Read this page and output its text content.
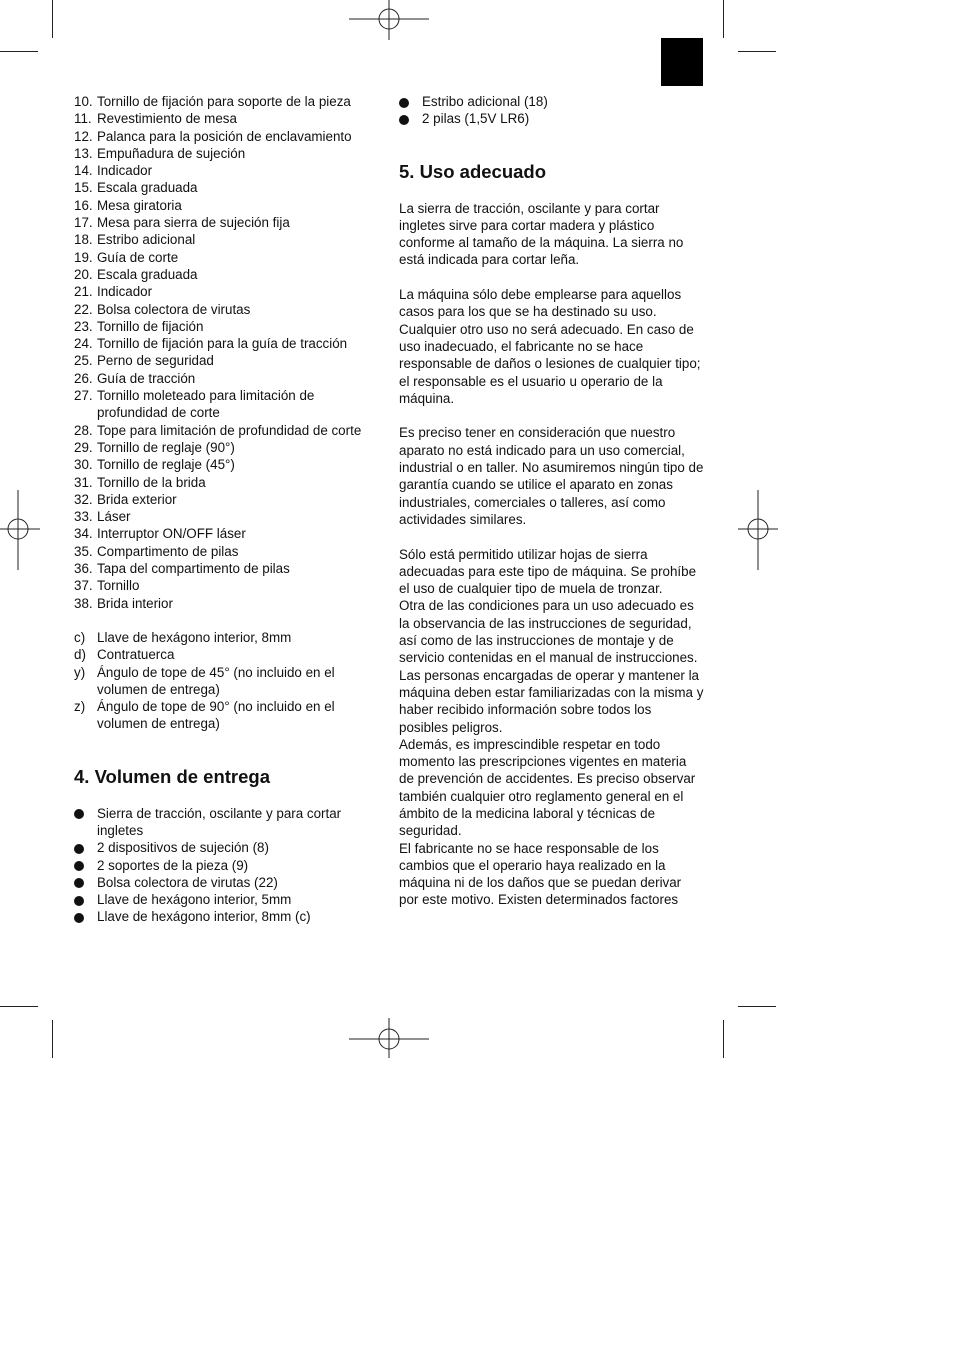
10. Tornillo de fijación para soporte de la pieza
11. Revestimiento de mesa
12. Palanca para la posición de enclavamiento
13. Empuñadura de sujeción
14. Indicador
15. Escala graduada
16. Mesa giratoria
17. Mesa para sierra de sujeción fija
18. Estribo adicional
19. Guía de corte
20. Escala graduada
21. Indicador
22. Bolsa colectora de virutas
23. Tornillo de fijación
24. Tornillo de fijación para la guía de tracción
25. Perno de seguridad
26. Guía de tracción
27. Tornillo moleteado para limitación de profundidad de corte
28. Tope para limitación de profundidad de corte
29. Tornillo de reglaje (90°)
30. Tornillo de reglaje (45°)
31. Tornillo de la brida
32. Brida exterior
33. Láser
34. Interruptor ON/OFF láser
35. Compartimento de pilas
36. Tapa del compartimento de pilas
37. Tornillo
38. Brida interior
c) Llave de hexágono interior, 8mm
d) Contratuerca
y) Ángulo de tope de 45° (no incluido en el volumen de entrega)
z) Ángulo de tope de 90° (no incluido en el volumen de entrega)
4. Volumen de entrega
Sierra de tracción, oscilante y para cortar ingletes
2 dispositivos de sujeción (8)
2 soportes de la pieza (9)
Bolsa colectora de virutas (22)
Llave de hexágono interior, 5mm
Llave de hexágono interior, 8mm (c)
Estribo adicional (18)
2 pilas (1,5V LR6)
5. Uso adecuado

La sierra de tracción, oscilante y para cortar ingletes sirve para cortar madera y plástico conforme al tamaño de la máquina. La sierra no está indicada para cortar leña.

La máquina sólo debe emplearse para aquellos casos para los que se ha destinado su uso. Cualquier otro uso no será adecuado. En caso de uso inadecuado, el fabricante no se hace responsable de daños o lesiones de cualquier tipo; el responsable es el usuario u operario de la máquina.

Es preciso tener en consideración que nuestro aparato no está indicado para un uso comercial, industrial o en taller. No asumiremos ningún tipo de garantía cuando se utilice el aparato en zonas industriales, comerciales o talleres, así como actividades similares.

Sólo está permitido utilizar hojas de sierra adecuadas para este tipo de máquina. Se prohíbe el uso de cualquier tipo de muela de tronzar.

Otra de las condiciones para un uso adecuado es la observancia de las instrucciones de seguridad, así como de las instrucciones de montaje y de servicio contenidas en el manual de instrucciones.

Las personas encargadas de operar y mantener la máquina deben estar familiarizadas con la misma y haber recibido información sobre todos los posibles peligros.

Además, es imprescindible respetar en todo momento las prescripciones vigentes en materia de prevención de accidentes. Es preciso observar también cualquier otro reglamento general en el ámbito de la medicina laboral y técnicas de seguridad.

El fabricante no se hace responsable de los cambios que el operario haya realizado en la máquina ni de los daños que se puedan derivar por este motivo. Existen determinados factores
